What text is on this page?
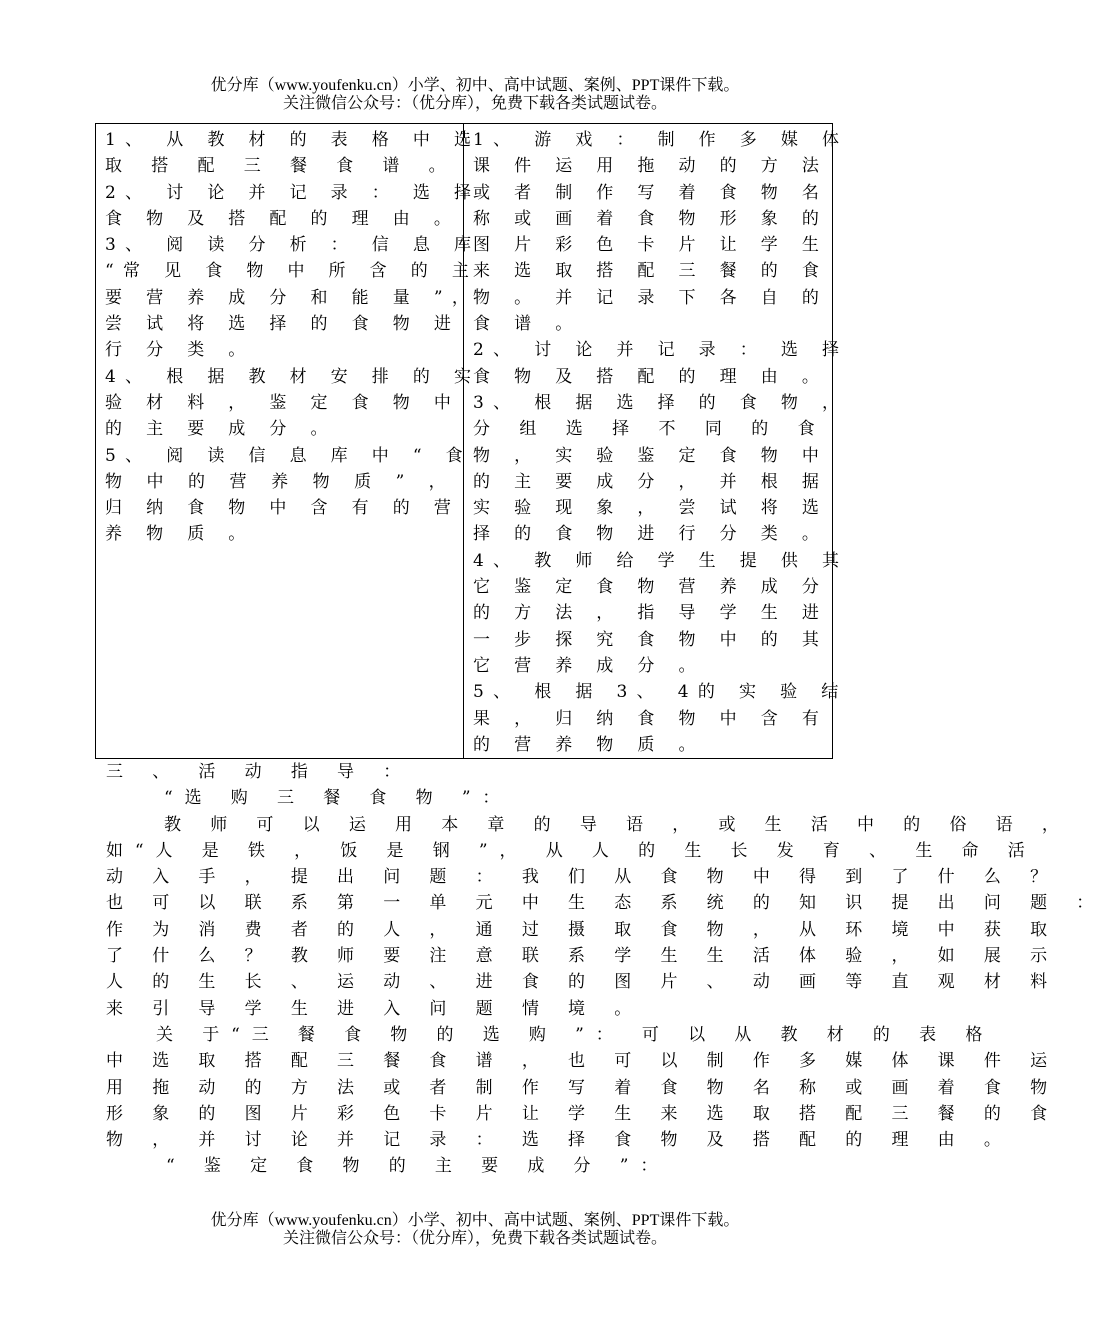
优分库（www.youfenku.cn）小学、初中、高中试题、案例、PPT课件下载。
关注微信公众号：（优分库），免费下载各类试题试卷。

1、 从 教 材 的 表 格 中 选

取 搭 配 三 餐 食 谱 。

2、 讨 论 并 记 录 ： 选 择

食 物 及 搭 配 的 理 由 。

3、 阅 读 分 析 ： 信 息 库

“常 见 食 物 中 所 含 的 主

要 营 养 成 分 和 能 量 ”，

尝 试 将 选 择 的 食 物 进

行 分 类 。

4、 根 据 教 材 安 排 的 实

验 材 料 ， 鉴 定 食 物 中

的 主 要 成 分 。

5、 阅 读 信 息 库 中 “ 食

物 中 的 营 养 物 质 ” ，

归 纳 食 物 中 含 有 的 营

养 物 质 。

1、 游 戏 ： 制 作 多 媒 体

课 件 运 用 拖 动 的 方 法

或 者 制 作 写 着 食 物 名

称 或 画 着 食 物 形 象 的

图 片 彩 色 卡 片 让 学 生

来 选 取 搭 配 三 餐 的 食

物 。 并 记 录 下 各 自 的

食 谱 。

2、 讨 论 并 记 录 ： 选 择

食 物 及 搭 配 的 理 由 。

3、 根 据 选 择 的 食 物 ，

分 组 选 择 不 同 的 食

物 ， 实 验 鉴 定 食 物 中

的 主 要 成 分 ， 并 根 据

实 验 现 象 ， 尝 试 将 选

择 的 食 物 进 行 分 类 。

4、 教 师 给 学 生 提 供 其

它 鉴 定 食 物 营 养 成 分

的 方 法 ， 指 导 学 生 进

一 步 探 究 食 物 中 的 其

它 营 养 成 分 。

5、 根 据 3、 4的 实 验 结

果 ， 归 纳 食 物 中 含 有

的 营 养 物 质 。

三 、 活 动 指 导 ：

“选 购 三 餐 食 物 ”：

教 师 可 以 运 用 本 章 的 导 语 ， 或 生 活 中 的 俗 语 ，

如“人 是 铁 ， 饭 是 钢 ”， 从 人 的 生 长 发 育 、 生 命 活

动 入 手 ， 提 出 问 题 ： 我 们 从 食 物 中 得 到 了 什 么 ？

也 可 以 联 系 第 一 单 元 中 生 态 系 统 的 知 识 提 出 问 题 ：

作 为 消 费 者 的 人 ， 通 过 摄 取 食 物 ， 从 环 境 中 获 取

了 什 么 ？ 教 师 要 注 意 联 系 学 生 生 活 体 验 ， 如 展 示

人 的 生 长 、 运 动 、 进 食 的 图 片 、 动 画 等 直 观 材 料

来 引 导 学 生 进 入 问 题 情 境 。

关 于“三 餐 食 物 的 选 购 ”： 可 以 从 教 材 的 表 格

中 选 取 搭 配 三 餐 食 谱 ， 也 可 以 制 作 多 媒 体 课 件 运

用 拖 动 的 方 法 或 者 制 作 写 着 食 物 名 称 或 画 着 食 物

形 象 的 图 片 彩 色 卡 片 让 学 生 来 选 取 搭 配 三 餐 的 食

物 ， 并 讨 论 并 记 录 ： 选 择 食 物 及 搭 配 的 理 由 。

“ 鉴 定 食 物 的 主 要 成 分 ”：

优分库（www.youfenku.cn）小学、初中、高中试题、案例、PPT课件下载。
关注微信公众号：（优分库），免费下载各类试题试卷。
